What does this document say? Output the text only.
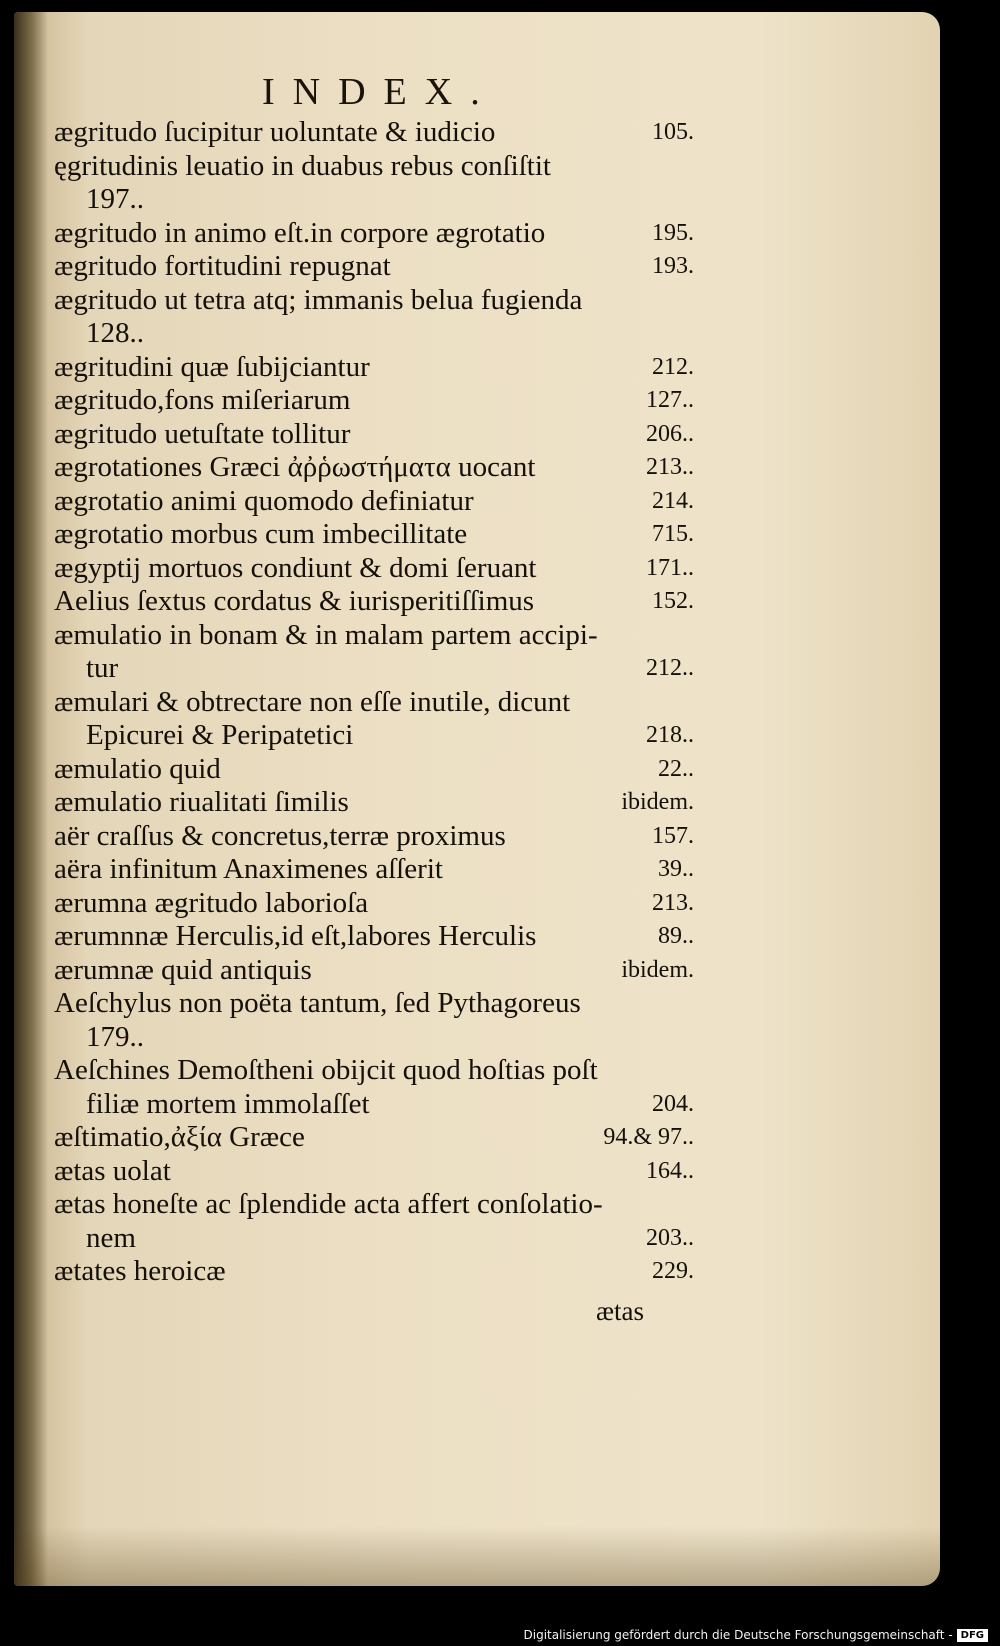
INDEX.
ægritudo ſucipitur uoluntate & iudicio	105.
ęgritudinis leuatio in duabus rebus conſiſtit
197..
ægritudo in animo eſt.in corpore ægrotatio	195.
ægritudo fortitudini repugnat	193.
ægritudo ut tetra atq; immanis belua fugienda
128..
ægritudini quæ ſubijciantur	212.
ægritudo,fons miſeriarum	127..
ægritudo uetuſtate tollitur	206..
ægrotationes Græci ἀῤῥωστήματα uocant	213..
ægrotatio animi quomodo definiatur	214.
ægrotatio morbus cum imbecillitate	715.
ægyptij mortuos condiunt & domi ſeruant	171..
Aelius ſextus cordatus & iurisperitiſſimus	152.
æmulatio in bonam & in malam partem accipi-
tur	212..
æmulari & obtrectare non eſſe inutile, dicunt
Epicurei & Peripatetici	218..
æmulatio quid	22..
æmulatio riualitati ſimilis	ibidem.
aër craſſus & concretus,terræ proximus	157.
aëra infinitum Anaximenes aſſerit	39..
ærumna ægritudo laborioſa	213.
ærumnnæ Herculis,id eſt,labores Herculis	89..
ærumnæ quid antiquis	ibidem.
Aeſchylus non poëta tantum, ſed Pythagoreus
179..
Aeſchines Demoſtheni obijcit quod hoſtias poſt
filiæ mortem immolaſſet	204.
æſtimatio,ἀξία Græce	94.& 97..
ætas uolat	164..
ætas honeſte ac ſplendide acta affert conſolatio-
nem	203..
ætates heroicæ	229.
ætas
Digitalisierung gefördert durch die Deutsche Forschungsgemeinschaft - DFG
